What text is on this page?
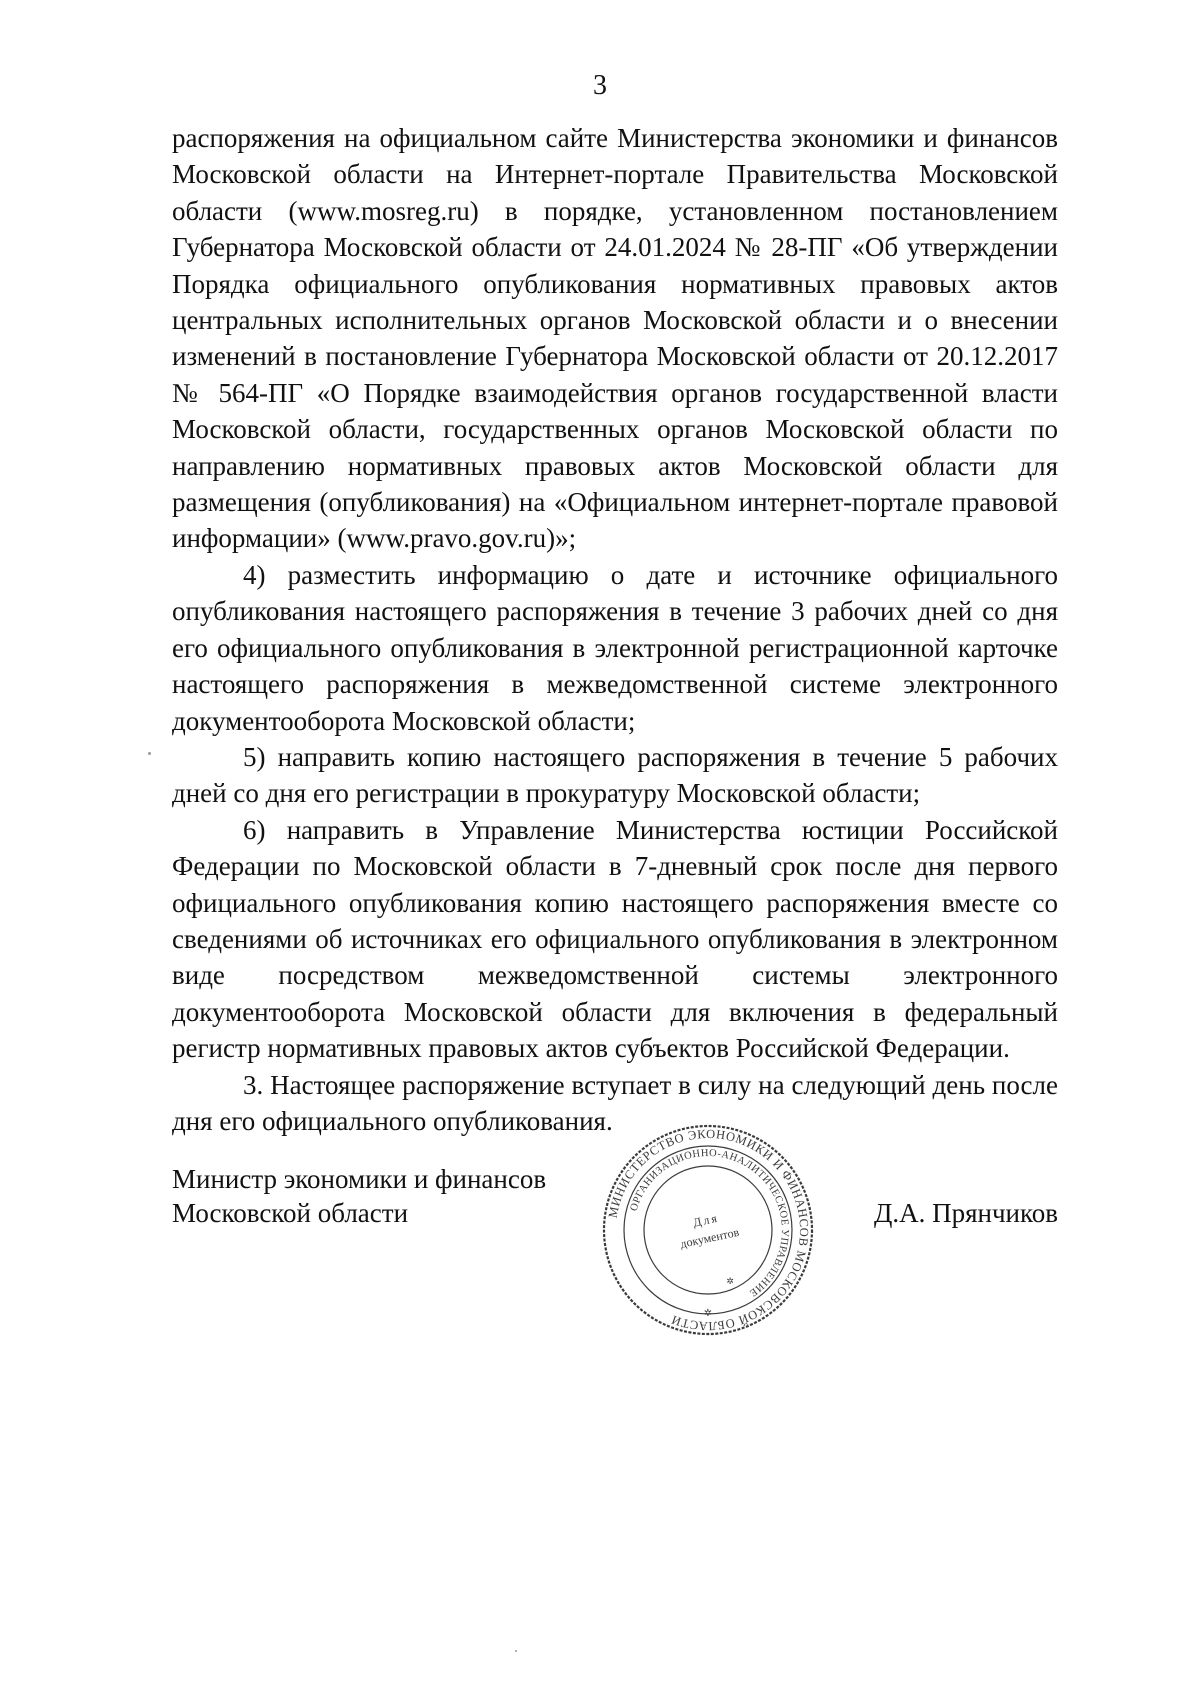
3

распоряжения на официальном сайте Министерства экономики и финансов Московской области на Интернет-портале Правительства Московской области (www.mosreg.ru) в порядке, установленном постановлением Губернатора Московской области от 24.01.2024 № 28-ПГ «Об утверждении Порядка официального опубликования нормативных правовых актов центральных исполнительных органов Московской области и о внесении изменений в постановление Губернатора Московской области от 20.12.2017 № 564-ПГ «О Порядке взаимодействия органов государственной власти Московской области, государственных органов Московской области по направлению нормативных правовых актов Московской области для размещения (опубликования) на «Официальном интернет-портале правовой информации» (www.pravo.gov.ru)»;

4) разместить информацию о дате и источнике официального опубликования настоящего распоряжения в течение 3 рабочих дней со дня его официального опубликования в электронной регистрационной карточке настоящего распоряжения в межведомственной системе электронного документооборота Московской области;

5) направить копию настоящего распоряжения в течение 5 рабочих дней со дня его регистрации в прокуратуру Московской области;

6) направить в Управление Министерства юстиции Российской Федерации по Московской области в 7-дневный срок после дня первого официального опубликования копию настоящего распоряжения вместе со сведениями об источниках его официального опубликования в электронном виде посредством межведомственной системы электронного документооборота Московской области для включения в федеральный регистр нормативных правовых актов субъектов Российской Федерации.

3. Настоящее распоряжение вступает в силу на следующий день после дня его официального опубликования.

Министр экономики и финансов
Московской области	Д.А. Прянчиков
МИНИСТЕРСТВО ЭКОНОМИКИ И ФИНАНСОВ МОСКОВСКОЙ ОБЛАСТИ
ОРГАНИЗАЦИОННО-АНАЛИТИЧЕСКОЕ УПРАВЛЕНИЕ
Для
документов
✲
✲
